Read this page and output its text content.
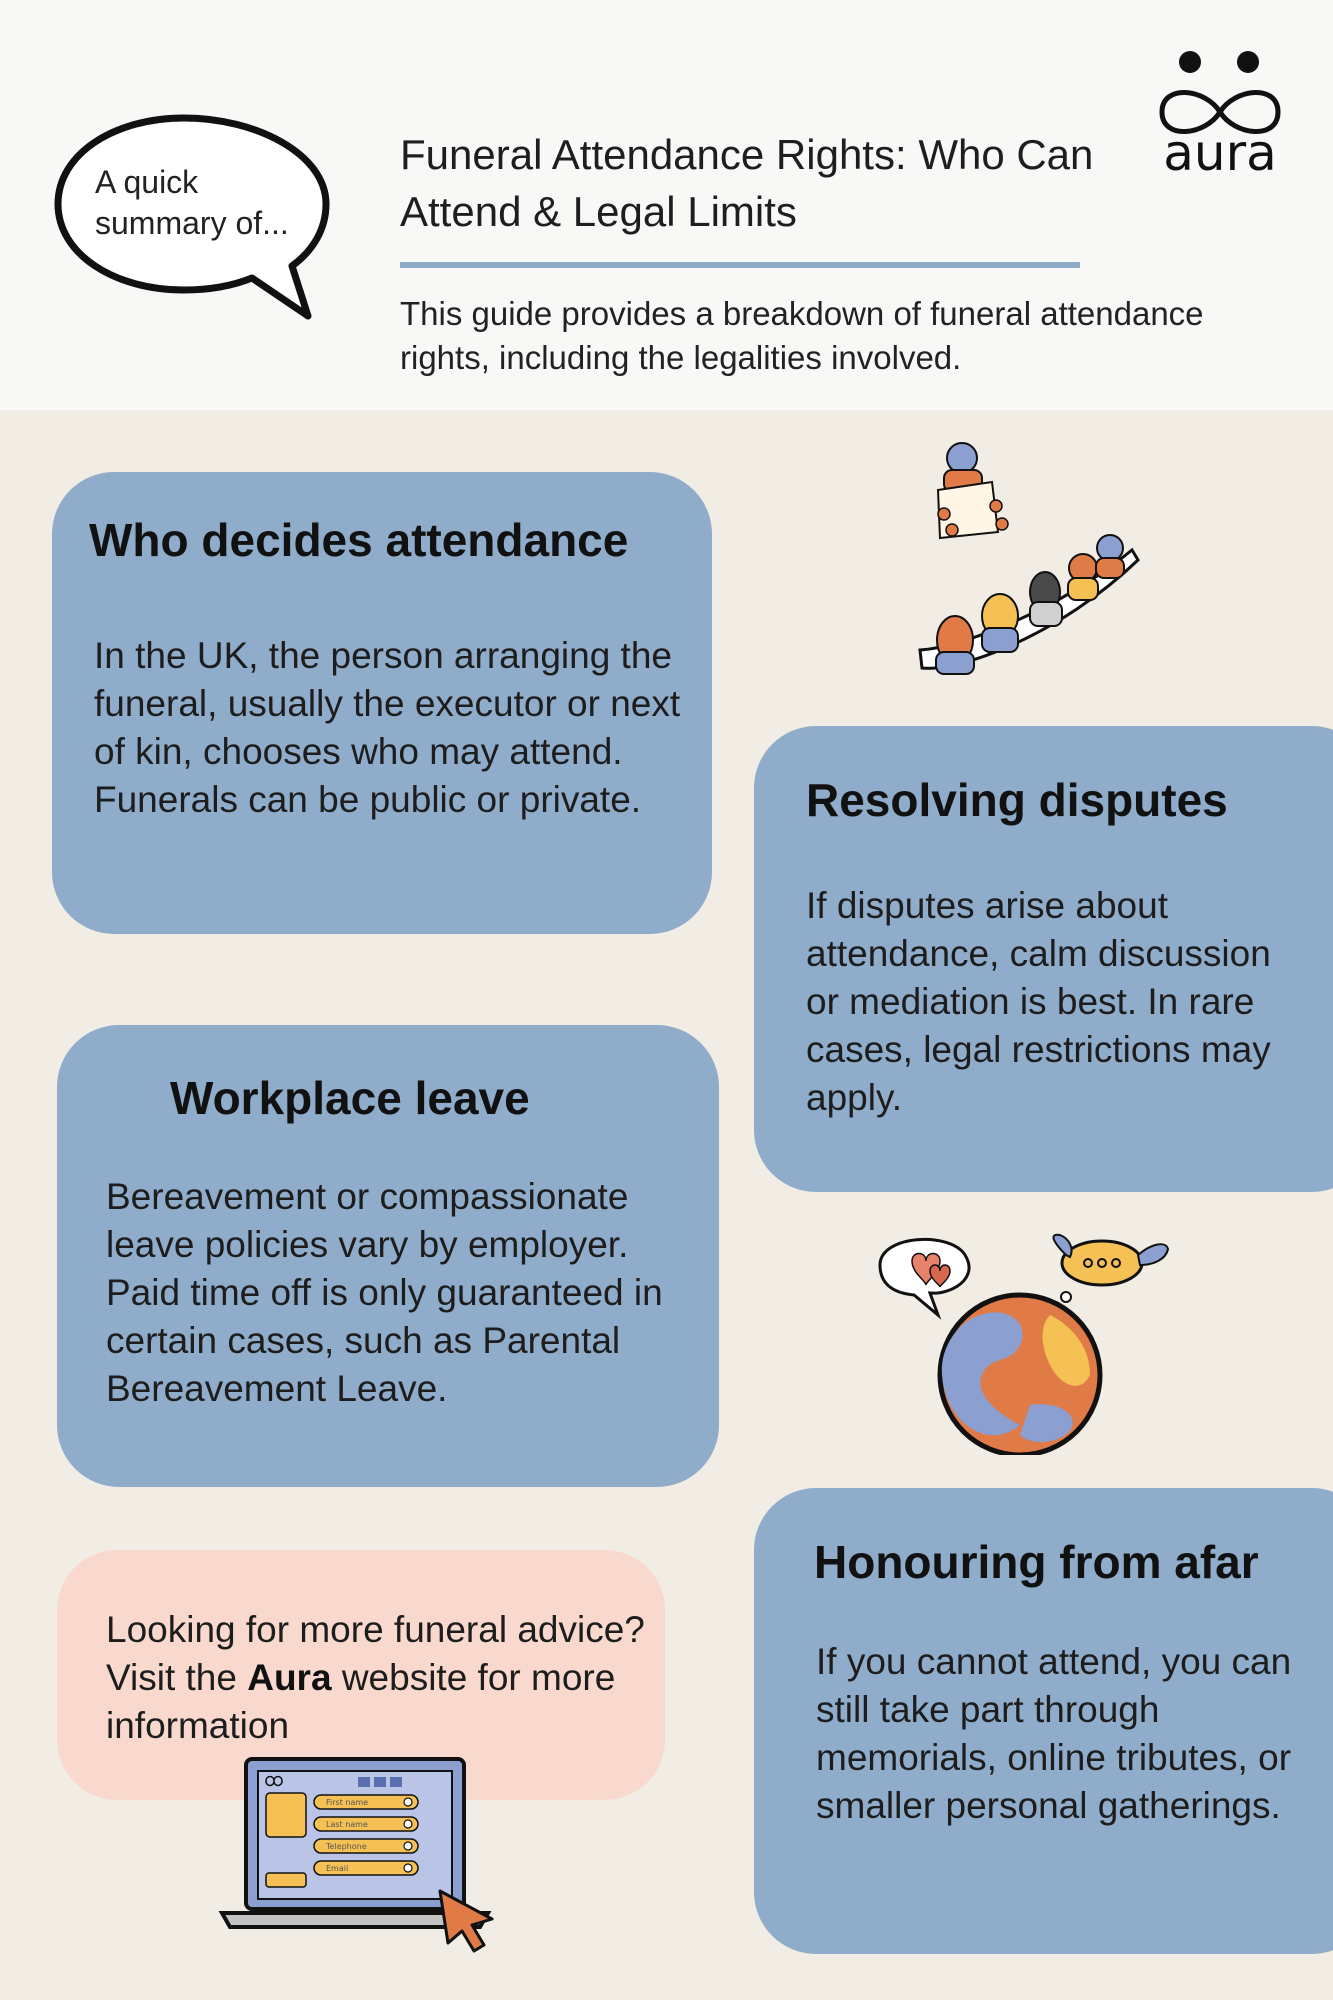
A quick summary of...
Funeral Attendance Rights: Who Can Attend & Legal Limits
This guide provides a breakdown of funeral attendance rights, including the legalities involved.
aura
Who decides attendance

In the UK, the person arranging the funeral, usually the executor or next of kin, chooses who may attend. Funerals can be public or private.	Resolving disputes

If disputes arise about attendance, calm discussion or mediation is best. In rare cases, legal restrictions may apply.

Workplace leave

Bereavement or compassionate leave policies vary by employer. Paid time off is only guaranteed in certain cases, such as Parental Bereavement Leave.

Looking for more funeral advice? Visit the Aura website for more information

First name
Last name
Telephone
Email
Honouring from afar

If you cannot attend, you can still take part through memorials, online tributes, or smaller personal gatherings.
